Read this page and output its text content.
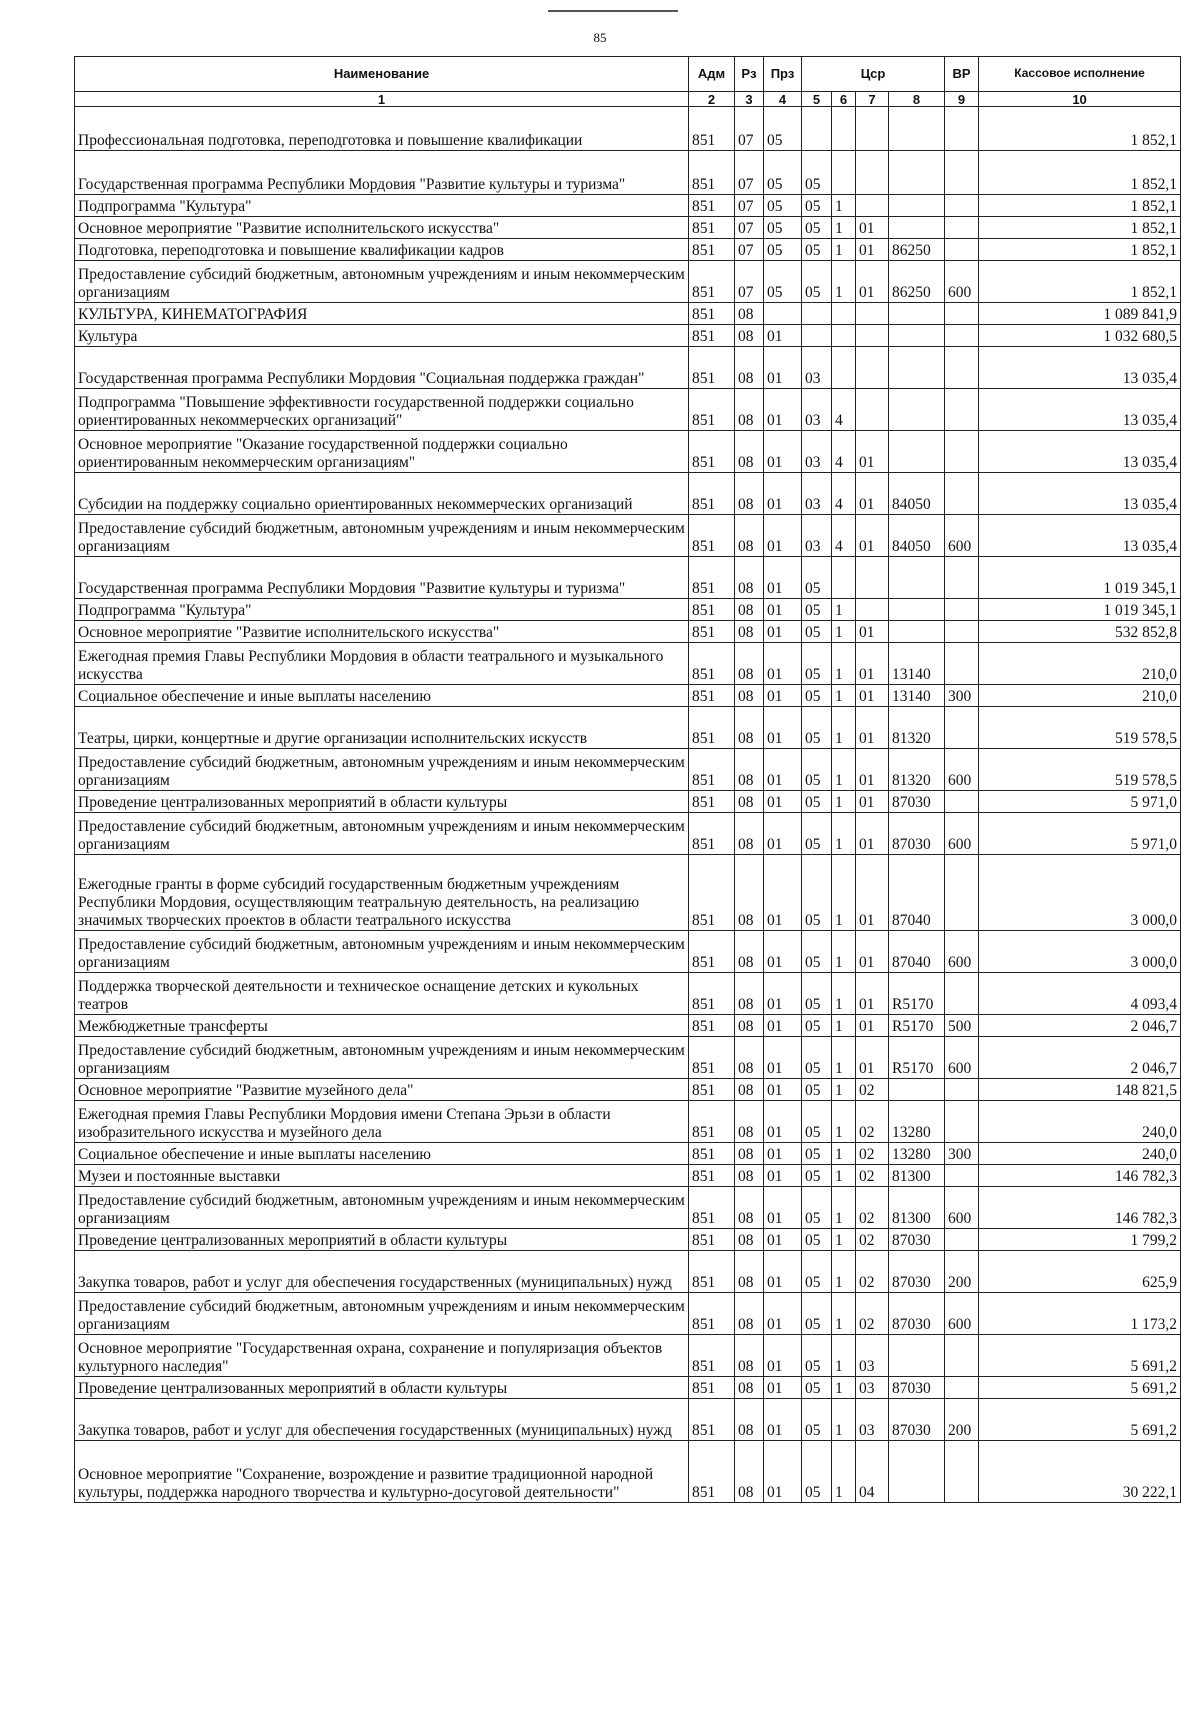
85
Наименование	Адм	Рз	Прз	Цср				ВР	Кассовое исполнение
1	2	3	4	5	6	7	8	9	10
Профессиональная подготовка, переподготовка и повышение квалификации	851	07	05						1 852,1
Государственная программа Республики Мордовия "Развитие культуры и туризма"	851	07	05	05					1 852,1
Подпрограмма "Культура"	851	07	05	05	1				1 852,1
Основное мероприятие "Развитие исполнительского искусства"	851	07	05	05	1	01			1 852,1
Подготовка, переподготовка и повышение квалификации кадров	851	07	05	05	1	01	86250		1 852,1
Предоставление субсидий бюджетным, автономным учреждениям и иным некоммерческим организациям	851	07	05	05	1	01	86250	600	1 852,1
КУЛЬТУРА, КИНЕМАТОГРАФИЯ	851	08							1 089 841,9
Культура	851	08	01						1 032 680,5
Государственная программа Республики Мордовия "Социальная поддержка граждан"	851	08	01	03					13 035,4
Подпрограмма "Повышение эффективности государственной поддержки социально ориентированных некоммерческих организаций"	851	08	01	03	4				13 035,4
Основное мероприятие "Оказание государственной поддержки социально ориентированным некоммерческим организациям"	851	08	01	03	4	01			13 035,4
Субсидии на поддержку социально ориентированных некоммерческих организаций	851	08	01	03	4	01	84050		13 035,4
Предоставление субсидий бюджетным, автономным учреждениям и иным некоммерческим организациям	851	08	01	03	4	01	84050	600	13 035,4
Государственная программа Республики Мордовия "Развитие культуры и туризма"	851	08	01	05					1 019 345,1
Подпрограмма "Культура"	851	08	01	05	1				1 019 345,1
Основное мероприятие "Развитие исполнительского искусства"	851	08	01	05	1	01			532 852,8
Ежегодная премия Главы Республики Мордовия в области театрального и музыкального искусства	851	08	01	05	1	01	13140		210,0
Социальное обеспечение и иные выплаты населению	851	08	01	05	1	01	13140	300	210,0
Театры, цирки, концертные и другие организации исполнительских искусств	851	08	01	05	1	01	81320		519 578,5
Предоставление субсидий бюджетным, автономным учреждениям и иным некоммерческим организациям	851	08	01	05	1	01	81320	600	519 578,5
Проведение централизованных мероприятий в области культуры	851	08	01	05	1	01	87030		5 971,0
Предоставление субсидий бюджетным, автономным учреждениям и иным некоммерческим организациям	851	08	01	05	1	01	87030	600	5 971,0
Ежегодные гранты в форме субсидий государственным бюджетным учреждениям Республики Мордовия, осуществляющим театральную деятельность, на реализацию значимых творческих проектов в области театрального искусства	851	08	01	05	1	01	87040		3 000,0
Предоставление субсидий бюджетным, автономным учреждениям и иным некоммерческим организациям	851	08	01	05	1	01	87040	600	3 000,0
Поддержка творческой деятельности и техническое оснащение детских и кукольных театров	851	08	01	05	1	01	R5170		4 093,4
Межбюджетные трансферты	851	08	01	05	1	01	R5170	500	2 046,7
Предоставление субсидий бюджетным, автономным учреждениям и иным некоммерческим организациям	851	08	01	05	1	01	R5170	600	2 046,7
Основное мероприятие "Развитие музейного дела"	851	08	01	05	1	02			148 821,5
Ежегодная премия Главы Республики Мордовия имени Степана Эрьзи в области изобразительного искусства и музейного дела	851	08	01	05	1	02	13280		240,0
Социальное обеспечение и иные выплаты населению	851	08	01	05	1	02	13280	300	240,0
Музеи и постоянные выставки	851	08	01	05	1	02	81300		146 782,3
Предоставление субсидий бюджетным, автономным учреждениям и иным некоммерческим организациям	851	08	01	05	1	02	81300	600	146 782,3
Проведение централизованных мероприятий в области культуры	851	08	01	05	1	02	87030		1 799,2
Закупка товаров, работ и услуг для обеспечения государственных (муниципальных) нужд	851	08	01	05	1	02	87030	200	625,9
Предоставление субсидий бюджетным, автономным учреждениям и иным некоммерческим организациям	851	08	01	05	1	02	87030	600	1 173,2
Основное мероприятие "Государственная охрана, сохранение и популяризация объектов культурного наследия"	851	08	01	05	1	03			5 691,2
Проведение централизованных мероприятий в области культуры	851	08	01	05	1	03	87030		5 691,2
Закупка товаров, работ и услуг для обеспечения государственных (муниципальных) нужд	851	08	01	05	1	03	87030	200	5 691,2
Основное мероприятие "Сохранение, возрождение и развитие традиционной народной культуры, поддержка народного творчества и культурно-досуговой деятельности"	851	08	01	05	1	04			30 222,1
